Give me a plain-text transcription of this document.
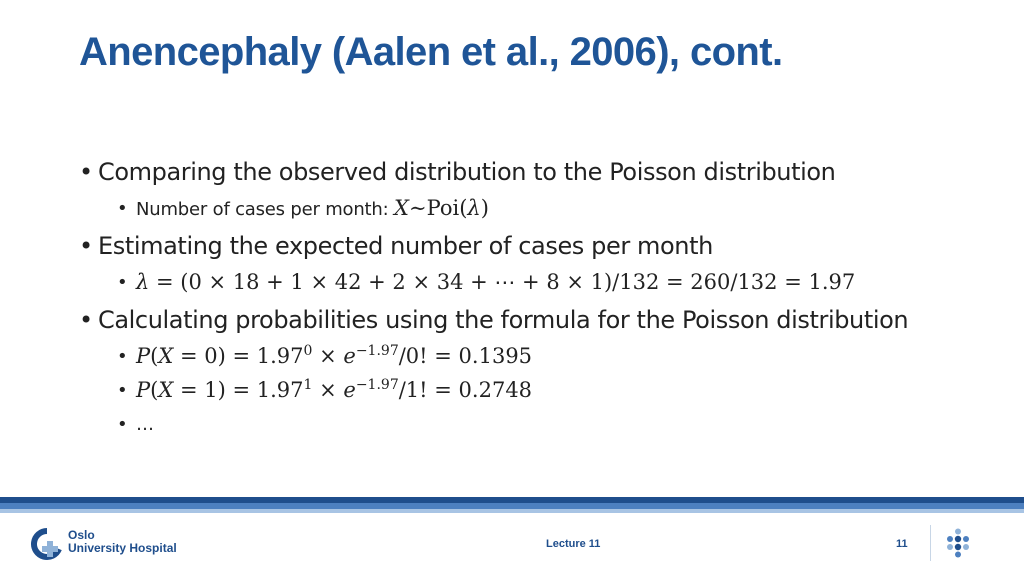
Anencephaly (Aalen et al., 2006), cont.
• Comparing the observed distribution to the Poisson distribution
• Number of cases per month: X∼Poi(λ)
• Estimating the expected number of cases per month
• λ = (0 × 18 + 1 × 42 + 2 × 34 + ⋯ + 8 × 1)/132 = 260/132 = 1.97
• Calculating probabilities using the formula for the Poisson distribution
• $P(X = 0) = 1.97^0 \times e^{-1.97}/0$! = 0.1395
• $P(X = 1) = 1.97^1 \times e^{-1.97}/1$! = 0.2748
• …
Oslo
University Hospital	Lecture 11	11
